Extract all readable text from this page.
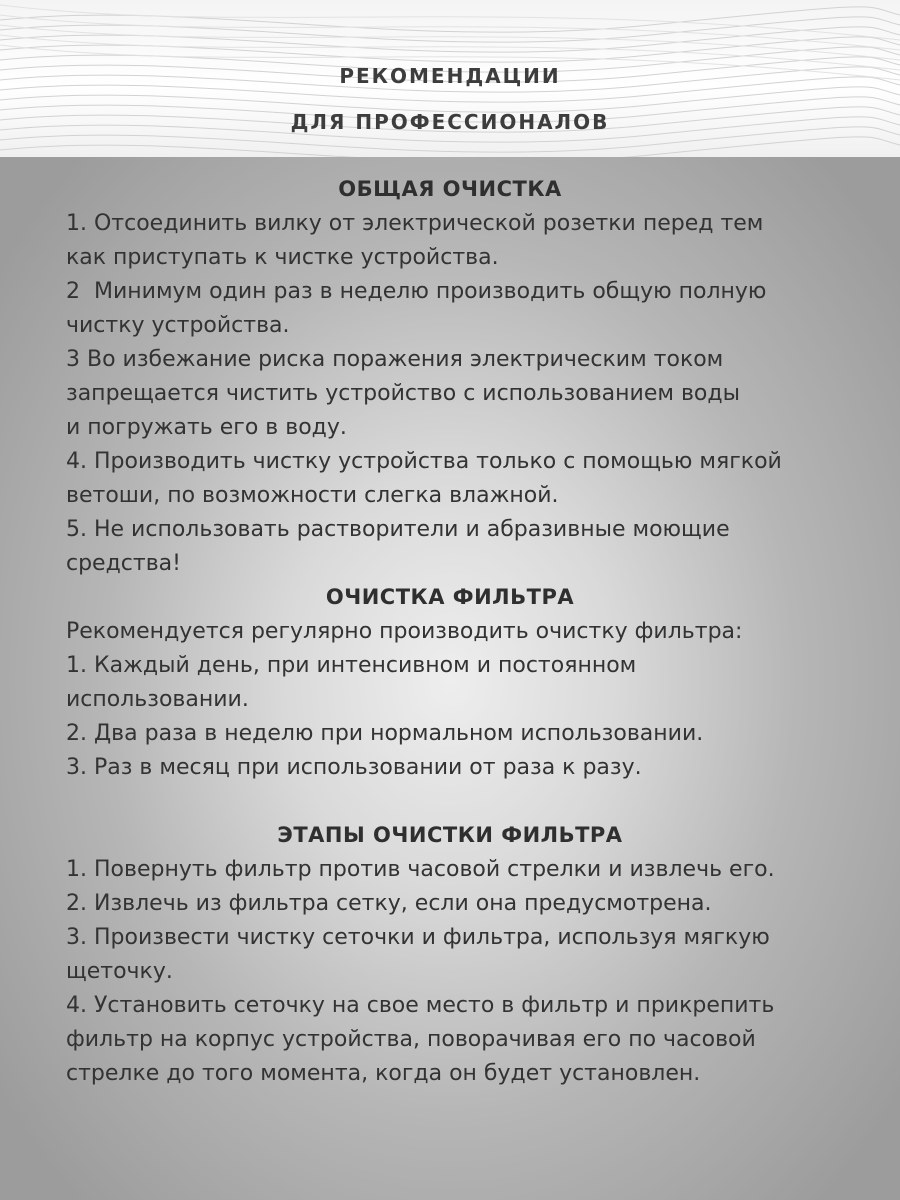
РЕКОМЕНДАЦИИ
ДЛЯ ПРОФЕССИОНАЛОВ
ОБЩАЯ ОЧИСТКА
1. Отсоединить вилку от электрической розетки перед тем
как приступать к чистке устройства.
2  Минимум один раз в неделю производить общую полную
чистку устройства.
3 Во избежание риска поражения электрическим током
запрещается чистить устройство с использованием воды
и погружать его в воду.
4. Производить чистку устройства только с помощью мягкой
ветоши, по возможности слегка влажной.
5. Не использовать растворители и абразивные моющие
средства!
ОЧИСТКА ФИЛЬТРА
Рекомендуется регулярно производить очистку фильтра:
1. Каждый день, при интенсивном и постоянном
использовании.
2. Два раза в неделю при нормальном использовании.
3. Раз в месяц при использовании от раза к разу.
ЭТАПЫ ОЧИСТКИ ФИЛЬТРА
1. Повернуть фильтр против часовой стрелки и извлечь его.
2. Извлечь из фильтра сетку, если она предусмотрена.
3. Произвести чистку сеточки и фильтра, используя мягкую
щеточку.
4. Установить сеточку на свое место в фильтр и прикрепить
фильтр на корпус устройства, поворачивая его по часовой
стрелке до того момента, когда он будет установлен.
